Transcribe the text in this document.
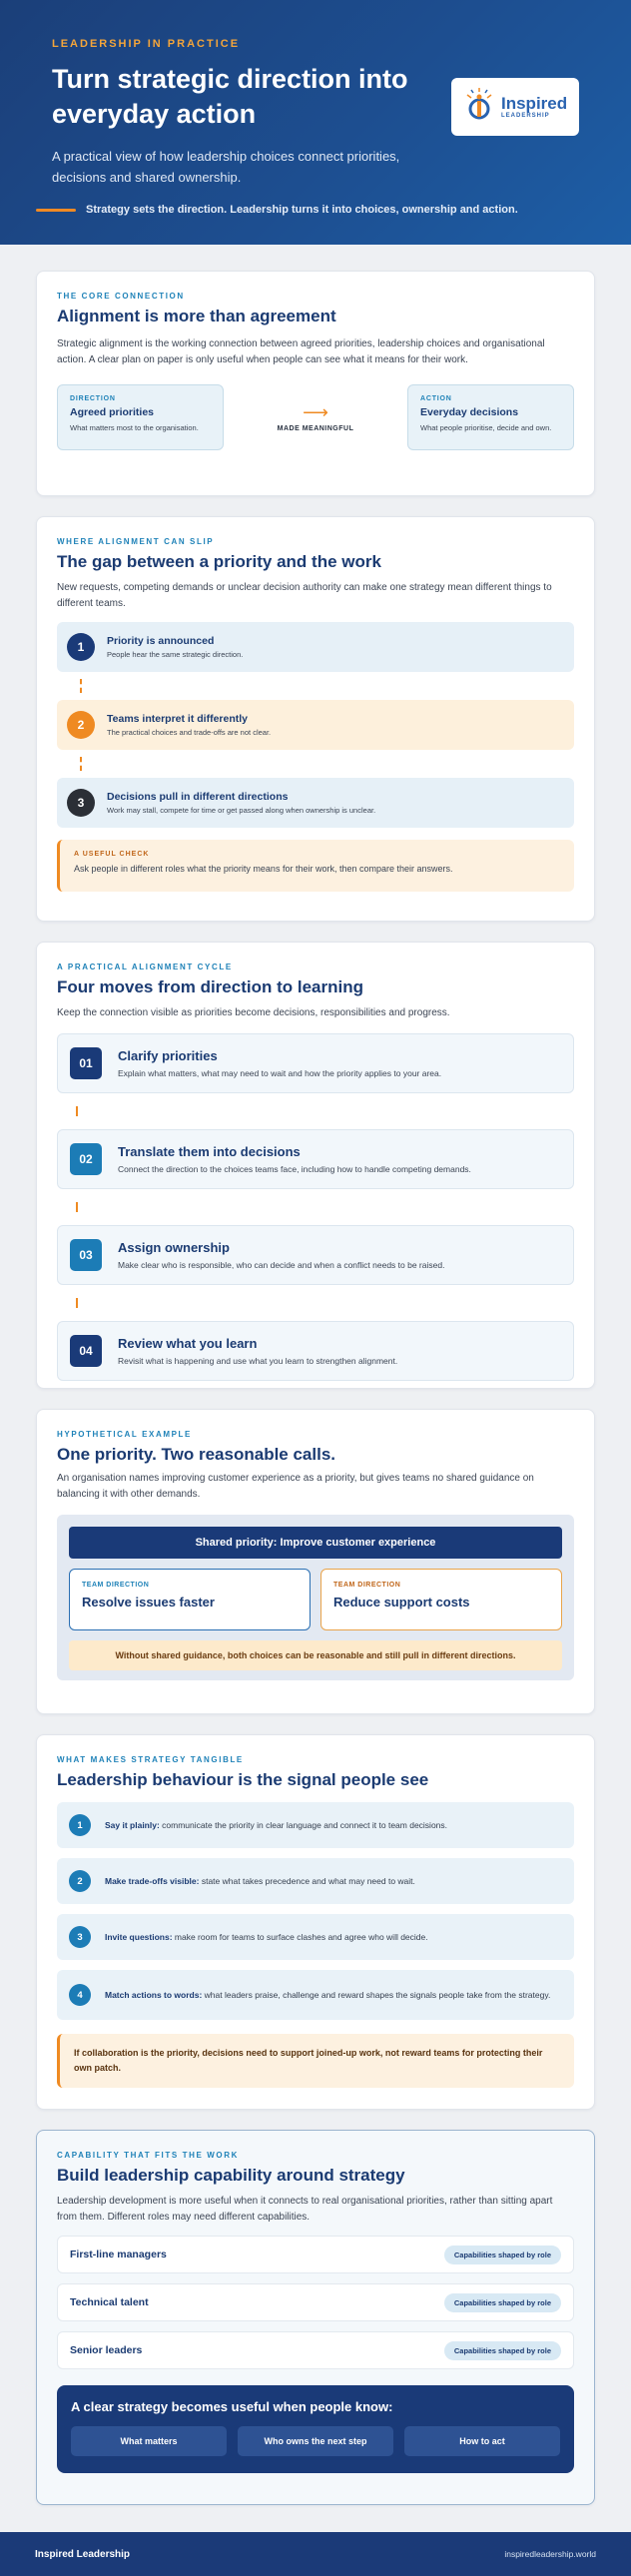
LEADERSHIP IN PRACTICE
Turn strategic direction into everyday action

A practical view of how leadership choices connect priorities, decisions and shared ownership.

Inspired
LEADERSHIP
Strategy sets the direction. Leadership turns it into choices, ownership and action.
THE CORE CONNECTION
Alignment is more than agreement

Strategic alignment is the working connection between agreed priorities, leadership choices and organisational action. A clear plan on paper is only useful when people can see what it means for their work.

DIRECTION
Agreed priorities
What matters most to the organisation.
⟶
MADE MEANINGFUL
ACTION
Everyday decisions
What people prioritise, decide and own.
WHERE ALIGNMENT CAN SLIP
The gap between a priority and the work

New requests, competing demands or unclear decision authority can make one strategy mean different things to different teams.

1	Priority is announced
People hear the same strategic direction.
2	Teams interpret it differently
The practical choices and trade-offs are not clear.
3	Decisions pull in different directions
Work may stall, compete for time or get passed along when ownership is unclear.
A USEFUL CHECK
Ask people in different roles what the priority means for their work, then compare their answers.
A PRACTICAL ALIGNMENT CYCLE
Four moves from direction to learning

Keep the connection visible as priorities become decisions, responsibilities and progress.

01	Clarify priorities
Explain what matters, what may need to wait and how the priority applies to your area.
02	Translate them into decisions
Connect the direction to the choices teams face, including how to handle competing demands.
03	Assign ownership
Make clear who is responsible, who can decide and when a conflict needs to be raised.
04	Review what you learn
Revisit what is happening and use what you learn to strengthen alignment.
HYPOTHETICAL EXAMPLE
One priority. Two reasonable calls.

An organisation names improving customer experience as a priority, but gives teams no shared guidance on balancing it with other demands.

Shared priority: Improve customer experience
TEAM DIRECTION
Resolve issues faster
TEAM DIRECTION
Reduce support costs
Without shared guidance, both choices can be reasonable and still pull in different directions.
WHAT MAKES STRATEGY TANGIBLE
Leadership behaviour is the signal people see
1	Say it plainly: communicate the priority in clear language and connect it to team decisions.
2	Make trade-offs visible: state what takes precedence and what may need to wait.
3	Invite questions: make room for teams to surface clashes and agree who will decide.
4	Match actions to words: what leaders praise, challenge and reward shapes the signals people take from the strategy.
If collaboration is the priority, decisions need to support joined-up work, not reward teams for protecting their own patch.
CAPABILITY THAT FITS THE WORK
Build leadership capability around strategy

Leadership development is more useful when it connects to real organisational priorities, rather than sitting apart from them. Different roles may need different capabilities.

First-line managers	Capabilities shaped by role
Technical talent	Capabilities shaped by role
Senior leaders	Capabilities shaped by role
A clear strategy becomes useful when people know:
What matters	Who owns the next step	How to act
Inspired Leadership	inspiredleadership.world
